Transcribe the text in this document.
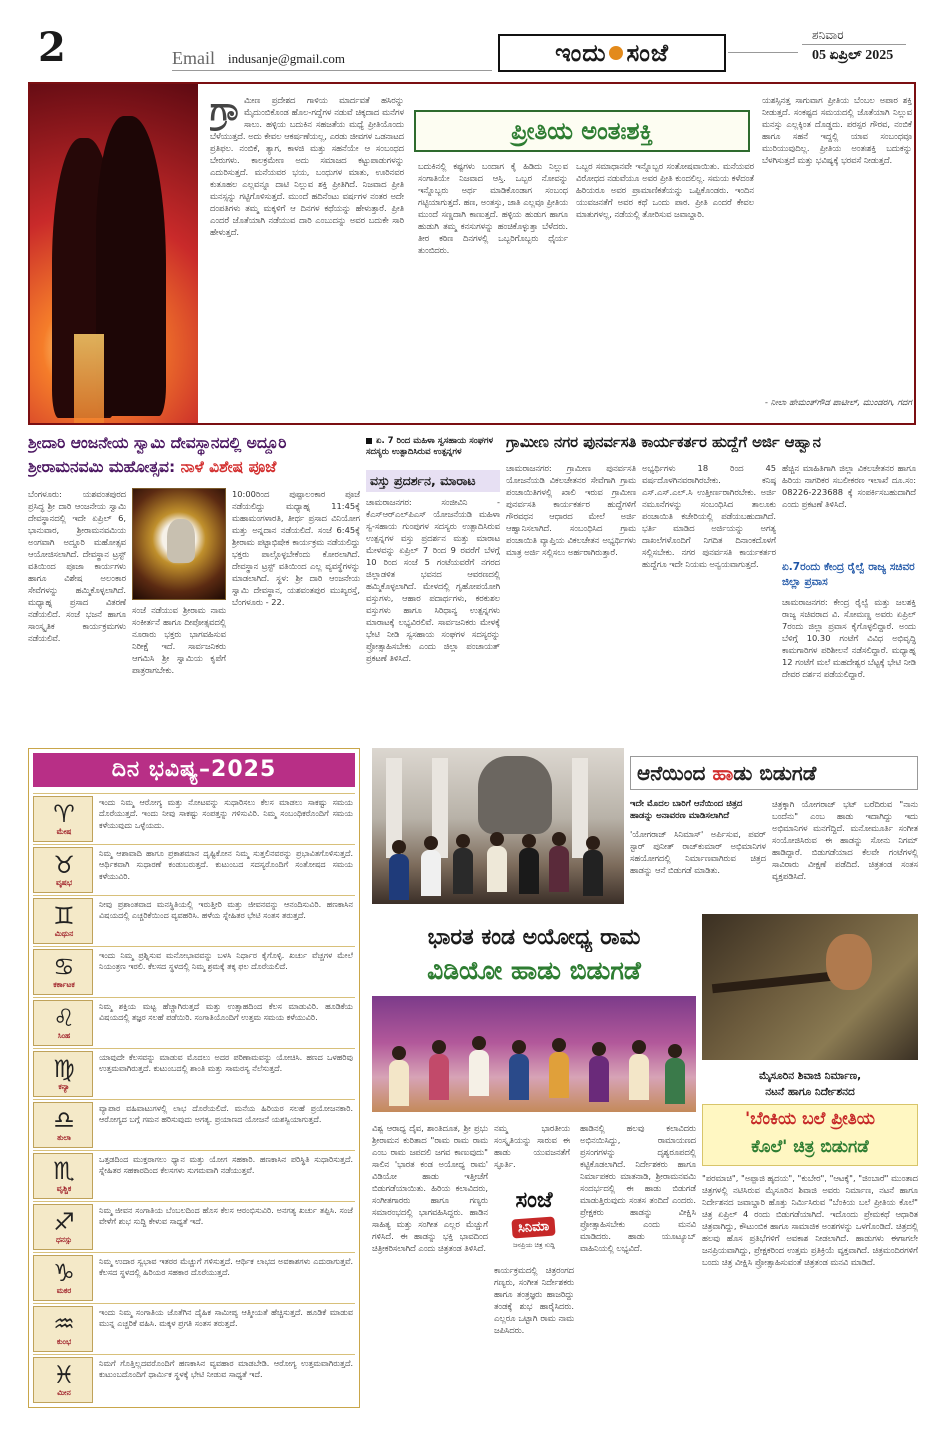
2	Email indusanje@gmail.com	ಇಂದು ಸಂಜೆ
ಶನಿವಾರ
05 ಏಪ್ರಿಲ್ 2025
ಗ್ರಾ ಮೀಣ ಪ್ರದೇಶದ ಗಾಳಿಯ ಮಾರ್ದವತೆ ಹಸಿರನ್ನು ಮೈದುಂಬಿಕೊಂಡ ಹೊಲ-ಗದ್ದೆಗಳ ನಡುವೆ ಚಿಕ್ಕದಾದ ಮನೆಗಳ ಸಾಲು. ಹಳ್ಳಿಯ ಬದುಕಿನ ಸಹಜತೆಯ ಮಧ್ಯೆ ಪ್ರೀತಿಯೊಂದು ಬೆಳೆಯುತ್ತದೆ. ಅದು ಕೇವಲ ಆಕರ್ಷಣೆಯಲ್ಲ, ಎರಡು ಜೀವಗಳ ಒಡನಾಟದ ಪ್ರತಿಫಲ. ನಂಬಿಕೆ, ತ್ಯಾಗ, ಕಾಳಜಿ ಮತ್ತು ಸಹನೆಯೇ ಆ ಸಂಬಂಧದ ಬೇರುಗಳು. ಕಾಲಕ್ರಮೇಣ ಅದು ಸಮಾಜದ ಕಟ್ಟುಪಾಡುಗಳನ್ನು ಎದುರಿಸುತ್ತದೆ. ಮನೆಯವರ ಭಯ, ಬಂಧುಗಳ ಮಾತು, ಊರಿನವರ ಕುತೂಹಲ ಎಲ್ಲವನ್ನೂ ದಾಟಿ ನಿಲ್ಲುವ ಶಕ್ತಿ ಪ್ರೀತಿಗಿದೆ. ನಿಜವಾದ ಪ್ರೀತಿ ಮನಸ್ಸನ್ನು ಗಟ್ಟಿಗೊಳಿಸುತ್ತದೆ. ಮುಂದೆ ಹದಿನೆಂಟು ವರ್ಷಗಳ ನಂತರ ಅದೇ ದಂಪತಿಗಳು ತಮ್ಮ ಮಕ್ಕಳಿಗೆ ಆ ದಿನಗಳ ಕಥೆಯನ್ನು ಹೇಳುತ್ತಾರೆ. ಪ್ರೀತಿ ಎಂದರೆ ಜೊತೆಯಾಗಿ ನಡೆಯುವ ದಾರಿ ಎಂಬುದನ್ನು ಅವರ ಬದುಕೇ ಸಾರಿ ಹೇಳುತ್ತದೆ.
ಪ್ರೀತಿಯ ಅಂತಃಶಕ್ತಿ
ಬದುಕಿನಲ್ಲಿ ಕಷ್ಟಗಳು ಬಂದಾಗ ಕೈ ಹಿಡಿದು ನಿಲ್ಲುವ ಸಂಗಾತಿಯೇ ನಿಜವಾದ ಆಸ್ತಿ. ಒಬ್ಬರ ನೋವನ್ನು ಇನ್ನೊಬ್ಬರು ಅರ್ಥ ಮಾಡಿಕೊಂಡಾಗ ಸಂಬಂಧ ಗಟ್ಟಿಯಾಗುತ್ತದೆ. ಹಣ, ಅಂತಸ್ತು, ಜಾತಿ ಎಲ್ಲವೂ ಪ್ರೀತಿಯ ಮುಂದೆ ಸಣ್ಣದಾಗಿ ಕಾಣುತ್ತದೆ. ಹಳ್ಳಿಯ ಹುಡುಗ ಹಾಗೂ ಹುಡುಗಿ ತಮ್ಮ ಕನಸುಗಳನ್ನು ಹಂಚಿಕೊಳ್ಳುತ್ತಾ ಬೆಳೆದರು. ತೀರ ಕಠಿಣ ದಿನಗಳಲ್ಲಿ ಒಬ್ಬರಿಗೊಬ್ಬರು ಧೈರ್ಯ ತುಂಬಿದರು.
ಒಬ್ಬರ ಸಮಾಧಾನವೇ ಇನ್ನೊಬ್ಬರ ಸಂತೋಷವಾಯಿತು. ಮನೆಯವರ ವಿರೋಧದ ನಡುವೆಯೂ ಅವರ ಪ್ರೀತಿ ಕುಂದಲಿಲ್ಲ. ಸಮಯ ಕಳೆದಂತೆ ಹಿರಿಯರೂ ಅವರ ಪ್ರಾಮಾಣಿಕತೆಯನ್ನು ಒಪ್ಪಿಕೊಂಡರು. ಇಂದಿನ ಯುವಜನತೆಗೆ ಅವರ ಕಥೆ ಒಂದು ಪಾಠ. ಪ್ರೀತಿ ಎಂದರೆ ಕೇವಲ ಮಾತುಗಳಲ್ಲ, ನಡೆಯಲ್ಲಿ ತೋರಿಸುವ ಜವಾಬ್ದಾರಿ.
ಯಶಸ್ಸಿನತ್ತ ಸಾಗುವಾಗ ಪ್ರೀತಿಯ ಬೆಂಬಲ ಅಪಾರ ಶಕ್ತಿ ನೀಡುತ್ತದೆ. ಸಂಕಷ್ಟದ ಸಮಯದಲ್ಲಿ ಜೊತೆಯಾಗಿ ನಿಲ್ಲುವ ಮನಸ್ಸು ಎಲ್ಲಕ್ಕಿಂತ ದೊಡ್ಡದು. ಪರಸ್ಪರ ಗೌರವ, ನಂಬಿಕೆ ಹಾಗೂ ಸಹನೆ ಇದ್ದಲ್ಲಿ ಯಾವ ಸಂಬಂಧವೂ ಮುರಿಯುವುದಿಲ್ಲ. ಪ್ರೀತಿಯ ಅಂತಃಶಕ್ತಿ ಬದುಕನ್ನು ಬೆಳಗಿಸುತ್ತದೆ ಮತ್ತು ಭವಿಷ್ಯಕ್ಕೆ ಭರವಸೆ ನೀಡುತ್ತದೆ.
- ನೀಲಾ ಹೇಮಂತ್‌ಗೌಡ ಪಾಟೀಲ್, ಮುಂಡರಗಿ, ಗದಗ
ಶ್ರೀದಾರಿ ಆಂಜನೇಯ ಸ್ವಾಮಿ ದೇವಸ್ಥಾನದಲ್ಲಿ ಅದ್ದೂರಿ
ಶ್ರೀರಾಮನವಮಿ ಮಹೋತ್ಸವ: ನಾಳೆ ವಿಶೇಷ ಪೂಜೆ
ಬೆಂಗಳೂರು: ಯಶವಂತಪುರದ ಪ್ರಸಿದ್ಧ ಶ್ರೀ ದಾರಿ ಆಂಜನೇಯ ಸ್ವಾಮಿ ದೇವಸ್ಥಾನದಲ್ಲಿ ಇದೇ ಏಪ್ರಿಲ್ 6, ಭಾನುವಾರ, ಶ್ರೀರಾಮನವಮಿಯ ಅಂಗವಾಗಿ ಅದ್ದೂರಿ ಮಹೋತ್ಸವ ಆಯೋಜಿಸಲಾಗಿದೆ. ದೇವಸ್ಥಾನ ಟ್ರಸ್ಟ್ ವತಿಯಿಂದ ಪೂಜಾ ಕಾರ್ಯಗಳು ಹಾಗೂ ವಿಶೇಷ ಅಲಂಕಾರ ಸೇವೆಗಳನ್ನು ಹಮ್ಮಿಕೊಳ್ಳಲಾಗಿದೆ. ಮಧ್ಯಾಹ್ನ ಪ್ರಸಾದ ವಿತರಣೆ ನಡೆಯಲಿದೆ. ಸಂಜೆ ಭಜನೆ ಹಾಗೂ ಸಾಂಸ್ಕೃತಿಕ ಕಾರ್ಯಕ್ರಮಗಳು ನಡೆಯಲಿವೆ.
10:00ರಿಂದ ಪುಷ್ಪಾಲಂಕಾರ ಪೂಜೆ ನಡೆಯಲಿದ್ದು ಮಧ್ಯಾಹ್ನ 11:45ಕ್ಕೆ ಮಹಾಮಂಗಳಾರತಿ, ತೀರ್ಥ ಪ್ರಸಾದ ವಿನಿಯೋಗ ಮತ್ತು ಅನ್ನದಾನ ನಡೆಯಲಿದೆ. ಸಂಜೆ 6:45ಕ್ಕೆ ಶ್ರೀರಾಮ ಪಟ್ಟಾಭಿಷೇಕ ಕಾರ್ಯಕ್ರಮ ನಡೆಯಲಿದ್ದು ಭಕ್ತರು ಪಾಲ್ಗೊಳ್ಳಬೇಕೆಂದು ಕೋರಲಾಗಿದೆ. ದೇವಸ್ಥಾನ ಟ್ರಸ್ಟ್ ವತಿಯಿಂದ ಎಲ್ಲ ವ್ಯವಸ್ಥೆಗಳನ್ನು ಮಾಡಲಾಗಿದೆ. ಸ್ಥಳ: ಶ್ರೀ ದಾರಿ ಆಂಜನೇಯ ಸ್ವಾಮಿ ದೇವಸ್ಥಾನ, ಯಶವಂತಪುರ ಮುಖ್ಯರಸ್ತೆ, ಬೆಂಗಳೂರು - 22.
ಸಂಜೆ ನಡೆಯುವ ಶ್ರೀರಾಮ ನಾಮ ಸಂಕೀರ್ತನೆ ಹಾಗೂ ದೀಪೋತ್ಸವದಲ್ಲಿ ನೂರಾರು ಭಕ್ತರು ಭಾಗವಹಿಸುವ ನಿರೀಕ್ಷೆ ಇದೆ. ಸಾರ್ವಜನಿಕರು ಆಗಮಿಸಿ ಶ್ರೀ ಸ್ವಾಮಿಯ ಕೃಪೆಗೆ ಪಾತ್ರರಾಗಬೇಕು.
ಏ. 7 ರಿಂದ ಮಹಿಳಾ ಸ್ವಸಹಾಯ ಸಂಘಗಳ ಸದಸ್ಯರು ಉತ್ಪಾದಿಸಿರುವ ಉತ್ಪನ್ನಗಳ
ವಸ್ತು ಪ್ರದರ್ಶನ, ಮಾರಾಟ
ಚಾಮರಾಜನಗರ: ಸಂಜೀವಿನಿ - ಕೆಎಸ್‌ಆರ್‌ಎಲ್‌ಪಿಎಸ್ ಯೋಜನೆಯಡಿ ಮಹಿಳಾ ಸ್ವ-ಸಹಾಯ ಗುಂಪುಗಳ ಸದಸ್ಯರು ಉತ್ಪಾದಿಸಿರುವ ಉತ್ಪನ್ನಗಳ ವಸ್ತು ಪ್ರದರ್ಶನ ಮತ್ತು ಮಾರಾಟ ಮೇಳವನ್ನು ಏಪ್ರಿಲ್ 7 ರಿಂದ 9 ರವರೆಗೆ ಬೆಳಗ್ಗೆ 10 ರಿಂದ ಸಂಜೆ 5 ಗಂಟೆಯವರೆಗೆ ನಗರದ ಜಿಲ್ಲಾಡಳಿತ ಭವನದ ಆವರಣದಲ್ಲಿ ಹಮ್ಮಿಕೊಳ್ಳಲಾಗಿದೆ. ಮೇಳದಲ್ಲಿ ಗೃಹೋಪಯೋಗಿ ವಸ್ತುಗಳು, ಆಹಾರ ಪದಾರ್ಥಗಳು, ಕರಕುಶಲ ವಸ್ತುಗಳು ಹಾಗೂ ಸಿರಿಧಾನ್ಯ ಉತ್ಪನ್ನಗಳು ಮಾರಾಟಕ್ಕೆ ಲಭ್ಯವಿರಲಿವೆ. ಸಾರ್ವಜನಿಕರು ಮೇಳಕ್ಕೆ ಭೇಟಿ ನೀಡಿ ಸ್ವಸಹಾಯ ಸಂಘಗಳ ಸದಸ್ಯರನ್ನು ಪ್ರೋತ್ಸಾಹಿಸಬೇಕು ಎಂದು ಜಿಲ್ಲಾ ಪಂಚಾಯತ್ ಪ್ರಕಟಣೆ ತಿಳಿಸಿದೆ.
ಗ್ರಾಮೀಣ ನಗರ ಪುನರ್ವಸತಿ ಕಾರ್ಯಕರ್ತರ ಹುದ್ದೆಗೆ ಅರ್ಜಿ ಆಹ್ವಾನ
ಚಾಮರಾಜನಗರ: ಗ್ರಾಮೀಣ ಪುನರ್ವಸತಿ ಯೋಜನೆಯಡಿ ವಿಕಲಚೇತನರ ಸೇವೆಗಾಗಿ ಗ್ರಾಮ ಪಂಚಾಯಿತಿಗಳಲ್ಲಿ ಖಾಲಿ ಇರುವ ಗ್ರಾಮೀಣ ಪುನರ್ವಸತಿ ಕಾರ್ಯಕರ್ತರ ಹುದ್ದೆಗಳಿಗೆ ಗೌರವಧನ ಆಧಾರದ ಮೇಲೆ ಅರ್ಜಿ ಆಹ್ವಾನಿಸಲಾಗಿದೆ. ಸಂಬಂಧಿಸಿದ ಗ್ರಾಮ ಪಂಚಾಯಿತಿ ವ್ಯಾಪ್ತಿಯ ವಿಕಲಚೇತನ ಅಭ್ಯರ್ಥಿಗಳು ಮಾತ್ರ ಅರ್ಜಿ ಸಲ್ಲಿಸಲು ಅರ್ಹರಾಗಿರುತ್ತಾರೆ.
ಅಭ್ಯರ್ಥಿಗಳು 18 ರಿಂದ 45 ವರ್ಷದೊಳಗಿನವರಾಗಿರಬೇಕು. ಕನಿಷ್ಠ ಎಸ್.ಎಸ್.ಎಲ್.ಸಿ ಉತ್ತೀರ್ಣರಾಗಿರಬೇಕು. ಅರ್ಜಿ ನಮೂನೆಗಳನ್ನು ಸಂಬಂಧಿಸಿದ ತಾಲೂಕು ಪಂಚಾಯಿತಿ ಕಚೇರಿಯಲ್ಲಿ ಪಡೆಯಬಹುದಾಗಿದೆ. ಭರ್ತಿ ಮಾಡಿದ ಅರ್ಜಿಯನ್ನು ಅಗತ್ಯ ದಾಖಲೆಗಳೊಂದಿಗೆ ನಿಗದಿತ ದಿನಾಂಕದೊಳಗೆ ಸಲ್ಲಿಸಬೇಕು. ನಗರ ಪುನರ್ವಸತಿ ಕಾರ್ಯಕರ್ತರ ಹುದ್ದೆಗೂ ಇದೇ ನಿಯಮ ಅನ್ವಯವಾಗುತ್ತದೆ.
ಹೆಚ್ಚಿನ ಮಾಹಿತಿಗಾಗಿ ಜಿಲ್ಲಾ ವಿಕಲಚೇತನರ ಹಾಗೂ ಹಿರಿಯ ನಾಗರಿಕರ ಸಬಲೀಕರಣ ಇಲಾಖೆ ದೂ.ಸಂ: 08226-223688 ಕ್ಕೆ ಸಂಪರ್ಕಿಸಬಹುದಾಗಿದೆ ಎಂದು ಪ್ರಕಟಣೆ ತಿಳಿಸಿದೆ.
ಏ.7ರಂದು ಕೇಂದ್ರ ರೈಲ್ವೆ ರಾಜ್ಯ ಸಚಿವರ ಜಿಲ್ಲಾ ಪ್ರವಾಸ
ಚಾಮರಾಜನಗರ: ಕೇಂದ್ರ ರೈಲ್ವೆ ಮತ್ತು ಜಲಶಕ್ತಿ ರಾಜ್ಯ ಸಚಿವರಾದ ವಿ. ಸೋಮಣ್ಣ ಅವರು ಏಪ್ರಿಲ್ 7ರಂದು ಜಿಲ್ಲಾ ಪ್ರವಾಸ ಕೈಗೊಳ್ಳಲಿದ್ದಾರೆ. ಅಂದು ಬೆಳಿಗ್ಗೆ 10.30 ಗಂಟೆಗೆ ವಿವಿಧ ಅಭಿವೃದ್ಧಿ ಕಾಮಗಾರಿಗಳ ಪರಿಶೀಲನೆ ನಡೆಸಲಿದ್ದಾರೆ. ಮಧ್ಯಾಹ್ನ 12 ಗಂಟೆಗೆ ಮಲೆ ಮಹದೇಶ್ವರ ಬೆಟ್ಟಕ್ಕೆ ಭೇಟಿ ನೀಡಿ ದೇವರ ದರ್ಶನ ಪಡೆಯಲಿದ್ದಾರೆ.
ದಿನ ಭವಿಷ್ಯ–2025
♈
ಮೇಷ
ಇಂದು ನಿಮ್ಮ ಆರೋಗ್ಯ ಮತ್ತು ನೋಟವನ್ನು ಸುಧಾರಿಸಲು ಕೆಲಸ ಮಾಡಲು ಸಾಕಷ್ಟು ಸಮಯ ದೊರೆಯುತ್ತದೆ. ಇಂದು ನೀವು ಸಾಕಷ್ಟು ಸಂಪತ್ತನ್ನು ಗಳಿಸುವಿರಿ. ನಿಮ್ಮ ಸಂಬಂಧಿಕರೊಂದಿಗೆ ಸಮಯ ಕಳೆಯುವುದು ಒಳ್ಳೆಯದು.
♉
ವೃಷಭ
ನಿಮ್ಮ ಆಶಾವಾದಿ ಹಾಗೂ ಪ್ರಕಾಶಮಾನ ದೃಷ್ಟಿಕೋನ ನಿಮ್ಮ ಸುತ್ತಲಿನವರನ್ನು ಪ್ರಭಾವಿತಗೊಳಿಸುತ್ತದೆ. ಆರ್ಥಿಕವಾಗಿ ಸುಧಾರಣೆ ಕಂಡುಬರುತ್ತದೆ. ಕುಟುಂಬದ ಸದಸ್ಯರೊಂದಿಗೆ ಸಂತೋಷದ ಸಮಯ ಕಳೆಯುವಿರಿ.
♊
ಮಿಥುನ
ನೀವು ಪ್ರಶಾಂತವಾದ ಮನಸ್ಥಿತಿಯಲ್ಲಿ ಇರುತ್ತೀರಿ ಮತ್ತು ಜೀವನವನ್ನು ಆನಂದಿಸುವಿರಿ. ಹಣಕಾಸಿನ ವಿಷಯದಲ್ಲಿ ಎಚ್ಚರಿಕೆಯಿಂದ ವ್ಯವಹರಿಸಿ. ಹಳೆಯ ಸ್ನೇಹಿತರ ಭೇಟಿ ಸಂತಸ ತರುತ್ತದೆ.
♋
ಕರ್ಕಾಟಕ
ಇಂದು ನಿಮ್ಮ ಪ್ರಶ್ನಿಸುವ ಮನೋಭಾವವನ್ನು ಬಳಸಿ ನಿರ್ಧಾರ ಕೈಗೊಳ್ಳಿ. ಖರ್ಚು ವೆಚ್ಚಗಳ ಮೇಲೆ ನಿಯಂತ್ರಣ ಇರಲಿ. ಕೆಲಸದ ಸ್ಥಳದಲ್ಲಿ ನಿಮ್ಮ ಶ್ರಮಕ್ಕೆ ತಕ್ಕ ಫಲ ದೊರೆಯಲಿದೆ.
♌
ಸಿಂಹ
ನಿಮ್ಮ ಶಕ್ತಿಯ ಮಟ್ಟ ಹೆಚ್ಚಾಗಿರುತ್ತದೆ ಮತ್ತು ಉತ್ಸಾಹದಿಂದ ಕೆಲಸ ಮಾಡುವಿರಿ. ಹೂಡಿಕೆಯ ವಿಷಯದಲ್ಲಿ ತಜ್ಞರ ಸಲಹೆ ಪಡೆಯಿರಿ. ಸಂಗಾತಿಯೊಂದಿಗೆ ಉತ್ತಮ ಸಮಯ ಕಳೆಯುವಿರಿ.
♍
ಕನ್ಯಾ
ಯಾವುದೇ ಕೆಲಸವನ್ನು ಮಾಡುವ ಮೊದಲು ಅದರ ಪರಿಣಾಮವನ್ನು ಯೋಚಿಸಿ. ಹಣದ ಒಳಹರಿವು ಉತ್ತಮವಾಗಿರುತ್ತದೆ. ಕುಟುಂಬದಲ್ಲಿ ಶಾಂತಿ ಮತ್ತು ಸಾಮರಸ್ಯ ನೆಲೆಸುತ್ತದೆ.
♎
ತುಲಾ
ವ್ಯಾಪಾರ ವಹಿವಾಟುಗಳಲ್ಲಿ ಲಾಭ ದೊರೆಯಲಿದೆ. ಮನೆಯ ಹಿರಿಯರ ಸಲಹೆ ಪ್ರಯೋಜನಕಾರಿ. ಆರೋಗ್ಯದ ಬಗ್ಗೆ ಗಮನ ಹರಿಸುವುದು ಅಗತ್ಯ. ಪ್ರಯಾಣದ ಯೋಜನೆ ಯಶಸ್ವಿಯಾಗುತ್ತದೆ.
♏
ವೃಶ್ಚಿಕ
ಒತ್ತಡದಿಂದ ಮುಕ್ತರಾಗಲು ಧ್ಯಾನ ಮತ್ತು ಯೋಗ ಸಹಕಾರಿ. ಹಣಕಾಸಿನ ಪರಿಸ್ಥಿತಿ ಸುಧಾರಿಸುತ್ತದೆ. ಸ್ನೇಹಿತರ ಸಹಕಾರದಿಂದ ಕೆಲಸಗಳು ಸುಗಮವಾಗಿ ನಡೆಯುತ್ತವೆ.
♐
ಧನಸ್ಸು
ನಿಮ್ಮ ಜೀವನ ಸಂಗಾತಿಯ ಬೆಂಬಲದಿಂದ ಹೊಸ ಕೆಲಸ ಆರಂಭಿಸುವಿರಿ. ಅನಗತ್ಯ ಖರ್ಚು ತಪ್ಪಿಸಿ. ಸಂಜೆ ವೇಳೆಗೆ ಶುಭ ಸುದ್ದಿ ಕೇಳುವ ಸಾಧ್ಯತೆ ಇದೆ.
♑
ಮಕರ
ನಿಮ್ಮ ಉದಾರ ಸ್ವಭಾವ ಇತರರ ಮೆಚ್ಚುಗೆ ಗಳಿಸುತ್ತದೆ. ಆರ್ಥಿಕ ಲಾಭದ ಅವಕಾಶಗಳು ಎದುರಾಗುತ್ತವೆ. ಕೆಲಸದ ಸ್ಥಳದಲ್ಲಿ ಹಿರಿಯರ ಸಹಕಾರ ದೊರೆಯುತ್ತದೆ.
♒
ಕುಂಭ
ಇಂದು ನಿಮ್ಮ ಸಂಗಾತಿಯ ಜೊತೆಗಿನ ದೈಹಿಕ ಸಾಮೀಪ್ಯ ಆತ್ಮೀಯತೆ ಹೆಚ್ಚಿಸುತ್ತದೆ. ಹೂಡಿಕೆ ಮಾಡುವ ಮುನ್ನ ಎಚ್ಚರಿಕೆ ವಹಿಸಿ. ಮಕ್ಕಳ ಪ್ರಗತಿ ಸಂತಸ ತರುತ್ತದೆ.
♓
ಮೀನ
ನಿಮಗೆ ಗೊತ್ತಿಲ್ಲದವರೊಂದಿಗೆ ಹಣಕಾಸಿನ ವ್ಯವಹಾರ ಮಾಡಬೇಡಿ. ಆರೋಗ್ಯ ಉತ್ತಮವಾಗಿರುತ್ತದೆ. ಕುಟುಂಬದೊಂದಿಗೆ ಧಾರ್ಮಿಕ ಸ್ಥಳಕ್ಕೆ ಭೇಟಿ ನೀಡುವ ಸಾಧ್ಯತೆ ಇದೆ.
ಆನೆಯಿಂದ ಹಾಡು ಬಿಡುಗಡೆ
ಇದೇ ಮೊದಲ ಬಾರಿಗೆ ಆನೆಯಿಂದ ಚಿತ್ರದ ಹಾಡನ್ನು ಅನಾವರಣ ಮಾಡಿಸಲಾಗಿದೆ
'ಯೋಗರಾಜ್ ಸಿನಿಮಾಸ್' ಅರ್ಪಿಸುವ, ಪವರ್ ಸ್ಟಾರ್ ಪುನೀತ್ ರಾಜ್‌ಕುಮಾರ್ ಅಭಿಮಾನಿಗಳ ಸಹಯೋಗದಲ್ಲಿ ನಿರ್ಮಾಣವಾಗಿರುವ ಚಿತ್ರದ ಹಾಡನ್ನು ಆನೆ ಬಿಡುಗಡೆ ಮಾಡಿತು.
ಚಿತ್ರಕ್ಕಾಗಿ ಯೋಗರಾಜ್ ಭಟ್ ಬರೆದಿರುವ "ನಾನು ಬಂದೆನು" ಎಂಬ ಹಾಡು ಇದಾಗಿದ್ದು ಇದು ಅಭಿಮಾನಿಗಳ ಮನಗೆದ್ದಿದೆ. ಮನೋಮೂರ್ತಿ ಸಂಗೀತ ಸಂಯೋಜಿಸಿರುವ ಈ ಹಾಡನ್ನು ಸೋನು ನಿಗಮ್ ಹಾಡಿದ್ದಾರೆ. ಬಿಡುಗಡೆಯಾದ ಕೆಲವೇ ಗಂಟೆಗಳಲ್ಲಿ ಸಾವಿರಾರು ವೀಕ್ಷಣೆ ಪಡೆದಿದೆ. ಚಿತ್ರತಂಡ ಸಂತಸ ವ್ಯಕ್ತಪಡಿಸಿದೆ.
ಭಾರತ ಕಂಡ ಅಯೋಧ್ಯ ರಾಮ
ವಿಡಿಯೋ ಹಾಡು ಬಿಡುಗಡೆ
ವಿಶ್ವ ಆರಾಧ್ಯ ದೈವ, ಶಾಂತಿದೂತ, ಶ್ರೀ ಪ್ರಭು ಶ್ರೀರಾಮನ ಕುರಿತಾದ "ರಾಮ ರಾಮ ರಾಮ ಎಂಬ ರಾಮ ಜಪದಲಿ ಜಗವ ಕಾಣುವುದು" ಸಾಲಿನ 'ಭಾರತ ಕಂಡ ಅಯೋಧ್ಯ ರಾಮ' ವಿಡಿಯೋ ಹಾಡು ಇತ್ತೀಚೆಗೆ ಬಿಡುಗಡೆಯಾಯಿತು. ಹಿರಿಯ ಕಲಾವಿದರು, ಸಂಗೀತಗಾರರು ಹಾಗೂ ಗಣ್ಯರು ಸಮಾರಂಭದಲ್ಲಿ ಭಾಗವಹಿಸಿದ್ದರು. ಹಾಡಿನ ಸಾಹಿತ್ಯ ಮತ್ತು ಸಂಗೀತ ಎಲ್ಲರ ಮೆಚ್ಚುಗೆ ಗಳಿಸಿದೆ. ಈ ಹಾಡನ್ನು ಭಕ್ತಿ ಭಾವದಿಂದ ಚಿತ್ರೀಕರಿಸಲಾಗಿದೆ ಎಂದು ಚಿತ್ರತಂಡ ತಿಳಿಸಿದೆ.
ನಮ್ಮ ಭಾರತೀಯ ಸಂಸ್ಕೃತಿಯನ್ನು ಸಾರುವ ಈ ಹಾಡು ಯುವಜನತೆಗೆ ಸ್ಫೂರ್ತಿ.
ಸಂಜೆ
ಸಿನಿಮಾ
ಜನಪ್ರಿಯ ಚಿತ್ರ ಸುದ್ದಿ
ಕಾರ್ಯಕ್ರಮದಲ್ಲಿ ಚಿತ್ರರಂಗದ ಗಣ್ಯರು, ಸಂಗೀತ ನಿರ್ದೇಶಕರು ಹಾಗೂ ತಂತ್ರಜ್ಞರು ಹಾಜರಿದ್ದು ತಂಡಕ್ಕೆ ಶುಭ ಹಾರೈಸಿದರು. ಎಲ್ಲರೂ ಒಟ್ಟಾಗಿ ರಾಮ ನಾಮ ಜಪಿಸಿದರು.
ಹಾಡಿನಲ್ಲಿ ಹಲವು ಕಲಾವಿದರು ಅಭಿನಯಿಸಿದ್ದು, ರಾಮಾಯಣದ ಪ್ರಸಂಗಗಳನ್ನು ದೃಶ್ಯರೂಪದಲ್ಲಿ ಕಟ್ಟಿಕೊಡಲಾಗಿದೆ. ನಿರ್ದೇಶಕರು ಹಾಗೂ ನಿರ್ಮಾಪಕರು ಮಾತನಾಡಿ, ಶ್ರೀರಾಮನವಮಿ ಸಂದರ್ಭದಲ್ಲಿ ಈ ಹಾಡು ಬಿಡುಗಡೆ ಮಾಡುತ್ತಿರುವುದು ಸಂತಸ ತಂದಿದೆ ಎಂದರು. ಪ್ರೇಕ್ಷಕರು ಹಾಡನ್ನು ವೀಕ್ಷಿಸಿ ಪ್ರೋತ್ಸಾಹಿಸಬೇಕು ಎಂದು ಮನವಿ ಮಾಡಿದರು. ಹಾಡು ಯೂಟ್ಯೂಬ್ ವಾಹಿನಿಯಲ್ಲಿ ಲಭ್ಯವಿದೆ.
ಮೈಸೂರಿನ ಶಿವಾಜಿ ನಿರ್ಮಾಣ,
ನಟನೆ ಹಾಗೂ ನಿರ್ದೇಶನದ
'ಬೆಂಕಿಯ ಬಲೆ ಪ್ರೀತಿಯ
ಕೊಲೆ' ಚಿತ್ರ ಬಿಡುಗಡೆ
"ಪರಮಾಚಿ", "ಅಪ್ಪಾಜಿ ಹೃದಯ", "ಕುಬೇರ", "ಆಟಕ್ಕೆ", "ಜಿಂಬಾರೆ" ಮುಂತಾದ ಚಿತ್ರಗಳಲ್ಲಿ ನಟಿಸಿರುವ ಮೈಸೂರಿನ ಶಿವಾಜಿ ಅವರು ನಿರ್ಮಾಣ, ನಟನೆ ಹಾಗೂ ನಿರ್ದೇಶನದ ಜವಾಬ್ದಾರಿ ಹೊತ್ತು ನಿರ್ಮಿಸಿರುವ "ಬೆಂಕಿಯ ಬಲೆ ಪ್ರೀತಿಯ ಕೊಲೆ" ಚಿತ್ರ ಏಪ್ರಿಲ್ 4 ರಂದು ಬಿಡುಗಡೆಯಾಗಿದೆ. ಇದೊಂದು ಪ್ರೇಮಕಥೆ ಆಧಾರಿತ ಚಿತ್ರವಾಗಿದ್ದು, ಕೌಟುಂಬಿಕ ಹಾಗೂ ಸಾಮಾಜಿಕ ಅಂಶಗಳನ್ನು ಒಳಗೊಂಡಿದೆ. ಚಿತ್ರದಲ್ಲಿ ಹಲವು ಹೊಸ ಪ್ರತಿಭೆಗಳಿಗೆ ಅವಕಾಶ ನೀಡಲಾಗಿದೆ. ಹಾಡುಗಳು ಈಗಾಗಲೇ ಜನಪ್ರಿಯವಾಗಿದ್ದು, ಪ್ರೇಕ್ಷಕರಿಂದ ಉತ್ತಮ ಪ್ರತಿಕ್ರಿಯೆ ವ್ಯಕ್ತವಾಗಿದೆ. ಚಿತ್ರಮಂದಿರಗಳಿಗೆ ಬಂದು ಚಿತ್ರ ವೀಕ್ಷಿಸಿ ಪ್ರೋತ್ಸಾಹಿಸುವಂತೆ ಚಿತ್ರತಂಡ ಮನವಿ ಮಾಡಿದೆ.
